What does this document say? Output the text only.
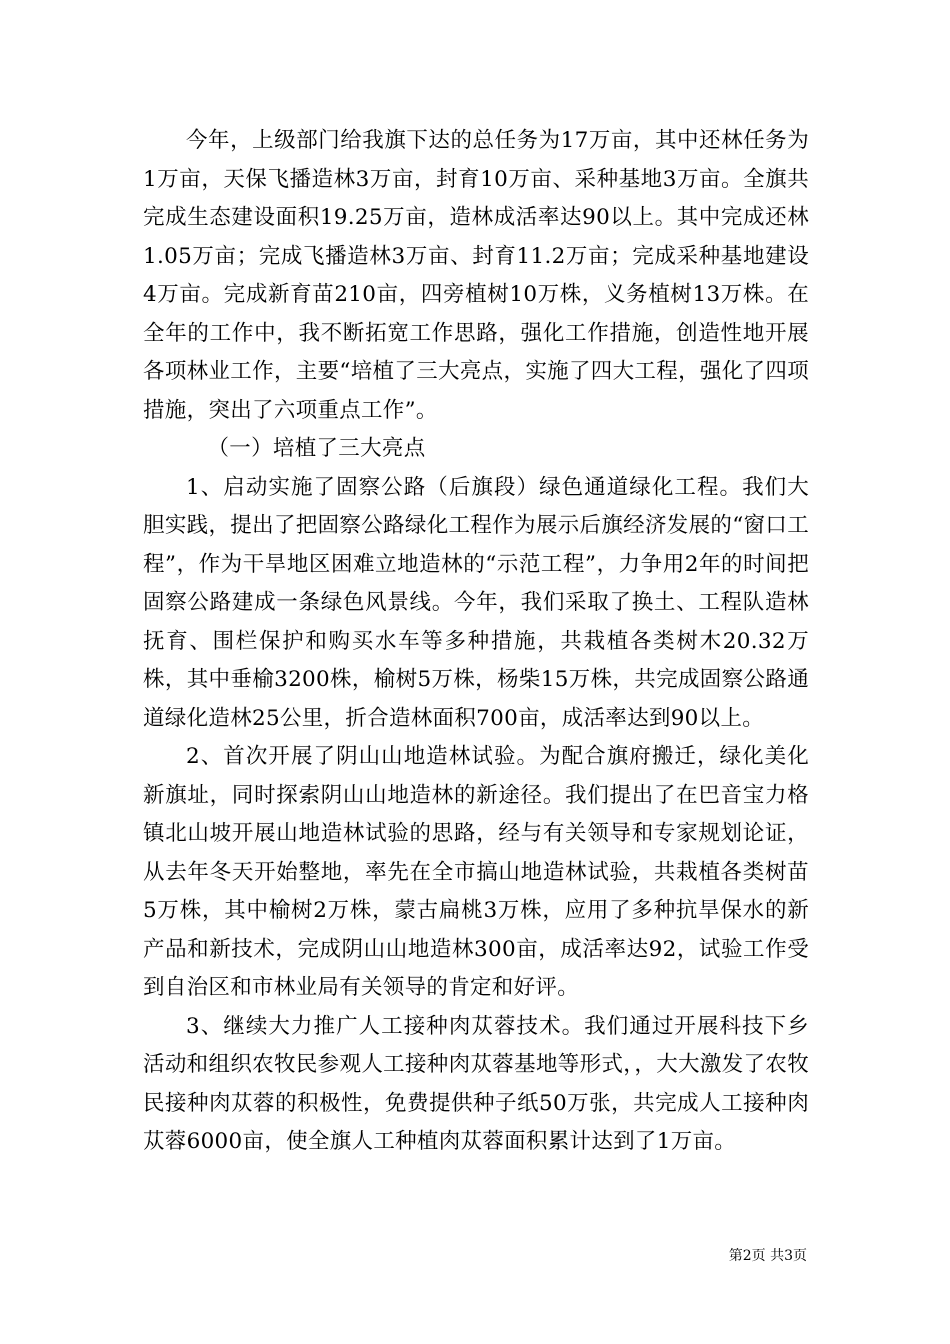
今年，上级部门给我旗下达的总任务为17万亩，其中还林任务为1万亩，天保飞播造林3万亩，封育10万亩、采种基地3万亩。全旗共完成生态建设面积19.25万亩，造林成活率达90以上。其中完成还林1.05万亩；完成飞播造林3万亩、封育11.2万亩；完成采种基地建设4万亩。完成新育苗210亩，四旁植树10万株，义务植树13万株。在全年的工作中，我不断拓宽工作思路，强化工作措施，创造性地开展各项林业工作，主要“培植了三大亮点，实施了四大工程，强化了四项措施，突出了六项重点工作”。

（一）培植了三大亮点

1、启动实施了固察公路（后旗段）绿色通道绿化工程。我们大胆实践，提出了把固察公路绿化工程作为展示后旗经济发展的“窗口工程”，作为干旱地区困难立地造林的“示范工程”，力争用2年的时间把固察公路建成一条绿色风景线。今年，我们采取了换土、工程队造林抚育、围栏保护和购买水车等多种措施，共栽植各类树木20.32万株，其中垂榆3200株，榆树5万株，杨柴15万株，共完成固察公路通道绿化造林25公里，折合造林面积700亩，成活率达到90以上。

2、首次开展了阴山山地造林试验。为配合旗府搬迁，绿化美化新旗址，同时探索阴山山地造林的新途径。我们提出了在巴音宝力格镇北山坡开展山地造林试验的思路，经与有关领导和专家规划论证，从去年冬天开始整地，率先在全市搞山地造林试验，共栽植各类树苗5万株，其中榆树2万株，蒙古扁桃3万株，应用了多种抗旱保水的新产品和新技术，完成阴山山地造林300亩，成活率达92，试验工作受到自治区和市林业局有关领导的肯定和好评。

3、继续大力推广人工接种肉苁蓉技术。我们通过开展科技下乡活动和组织农牧民参观人工接种肉苁蓉基地等形式，，大大激发了农牧民接种肉苁蓉的积极性，免费提供种子纸50万张，共完成人工接种肉苁蓉6000亩，使全旗人工种植肉苁蓉面积累计达到了1万亩。

第2页 共3页
